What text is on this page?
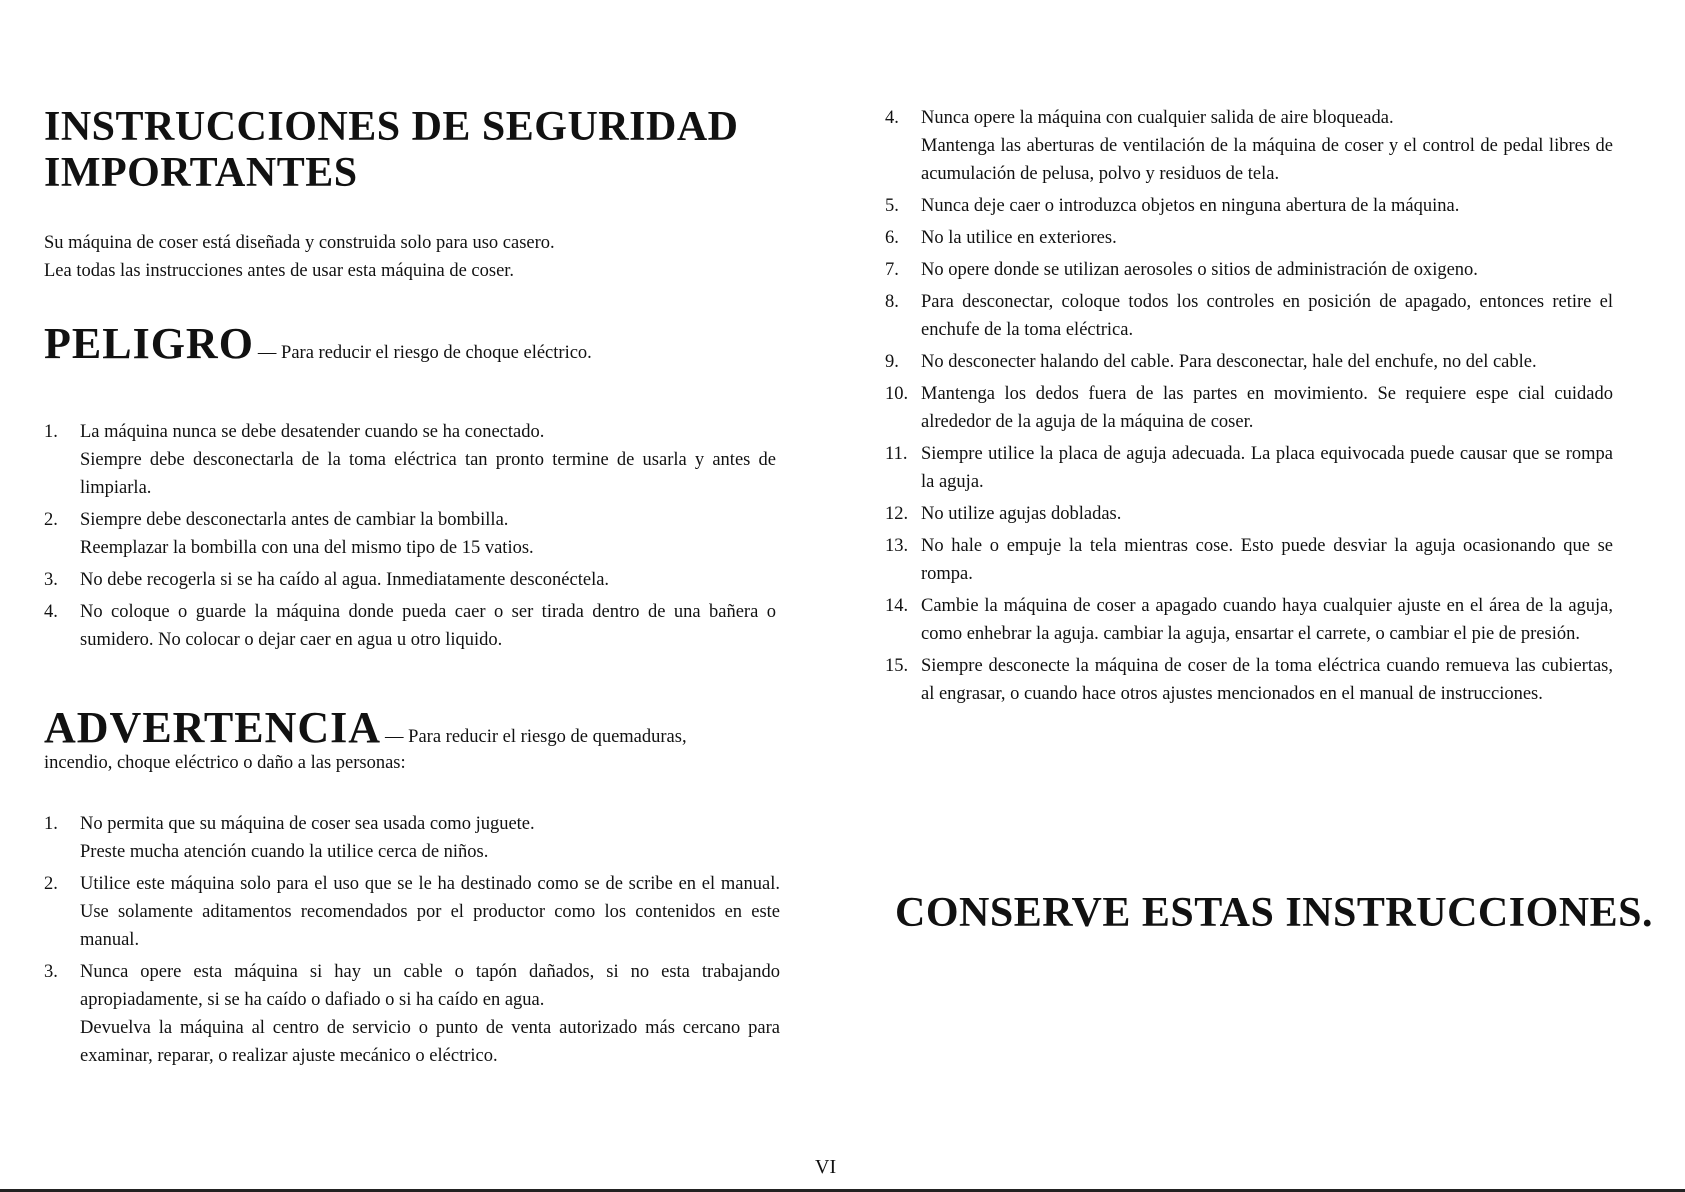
INSTRUCCIONES DE SEGURIDAD
IMPORTANTES

Su máquina de coser está diseñada y construida solo para uso casero.
Lea todas las instrucciones antes de usar esta máquina de coser.

PELIGRO — Para reducir el riesgo de choque eléctrico.
1. La máquina nunca se debe desatender cuando se ha conectado.
Siempre debe desconectarla de la toma eléctrica tan pronto termine de usarla y antes de limpiarla.
2. Siempre debe desconectarla antes de cambiar la bombilla.
Reemplazar la bombilla con una del mismo tipo de 15 vatios.
3. No debe recogerla si se ha caído al agua. Inmediatamente desconéctela.
4. No coloque o guarde la máquina donde pueda caer o ser tirada dentro de una bañera o sumidero. No colocar o dejar caer en agua u otro liquido.
ADVERTENCIA — Para reducir el riesgo de quemaduras,
incendio, choque eléctrico o daño a las personas:
1. No permita que su máquina de coser sea usada como juguete.
Preste mucha atención cuando la utilice cerca de niños.
2. Utilice este máquina solo para el uso que se le ha destinado como se de scribe en el manual. Use solamente aditamentos recomendados por el productor como los contenidos en este manual.
3. Nunca opere esta máquina si hay un cable o tapón dañados, si no esta trabajando apropiadamente, si se ha caído o dafiado o si ha caído en agua.
Devuelva la máquina al centro de servicio o punto de venta autorizado más cercano para examinar, reparar, o realizar ajuste mecánico o eléctrico.
4. Nunca opere la máquina con cualquier salida de aire bloqueada.
Mantenga las aberturas de ventilación de la máquina de coser y el control de pedal libres de acumulación de pelusa, polvo y residuos de tela.
5. Nunca deje caer o introduzca objetos en ninguna abertura de la máquina.
6. No la utilice en exteriores.
7. No opere donde se utilizan aerosoles o sitios de administración de oxigeno.
8. Para desconectar, coloque todos los controles en posición de apagado, entonces retire el enchufe de la toma eléctrica.
9. No desconecter halando del cable. Para desconectar, hale del enchufe, no del cable.
10. Mantenga los dedos fuera de las partes en movimiento. Se requiere espe cial cuidado alrededor de la aguja de la máquina de coser.
11. Siempre utilice la placa de aguja adecuada. La placa equivocada puede causar que se rompa la aguja.
12. No utilize agujas dobladas.
13. No hale o empuje la tela mientras cose. Esto puede desviar la aguja ocasionando que se rompa.
14. Cambie la máquina de coser a apagado cuando haya cualquier ajuste en el área de la aguja, como enhebrar la aguja. cambiar la aguja, ensartar el carrete, o cambiar el pie de presión.
15. Siempre desconecte la máquina de coser de la toma eléctrica cuando remueva las cubiertas, al engrasar, o cuando hace otros ajustes mencionados en el manual de instrucciones.
CONSERVE ESTAS INSTRUCCIONES.
VI
